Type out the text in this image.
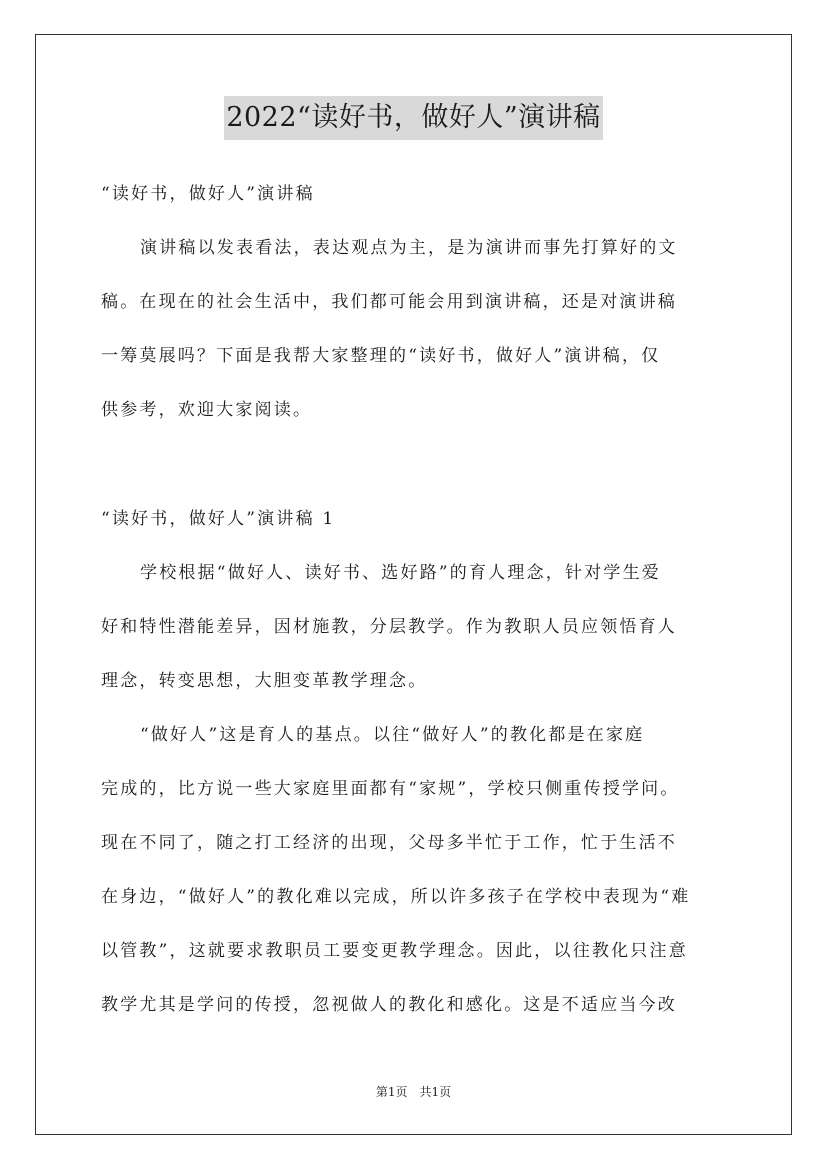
2022“读好书，做好人”演讲稿
“读好书，做好人”演讲稿
演讲稿以发表看法，表达观点为主，是为演讲而事先打算好的文
稿。在现在的社会生活中，我们都可能会用到演讲稿，还是对演讲稿
一筹莫展吗？下面是我帮大家整理的“读好书，做好人”演讲稿，仅
供参考，欢迎大家阅读。
“读好书，做好人”演讲稿 1
学校根据“做好人、读好书、选好路”的育人理念，针对学生爱
好和特性潜能差异，因材施教，分层教学。作为教职人员应领悟育人
理念，转变思想，大胆变革教学理念。
“做好人”这是育人的基点。以往“做好人”的教化都是在家庭
完成的，比方说一些大家庭里面都有“家规”，学校只侧重传授学问。
现在不同了，随之打工经济的出现，父母多半忙于工作，忙于生活不
在身边，“做好人”的教化难以完成，所以许多孩子在学校中表现为“难
以管教”，这就要求教职员工要变更教学理念。因此，以往教化只注意
教学尤其是学问的传授，忽视做人的教化和感化。这是不适应当今改
第1页　共1页
